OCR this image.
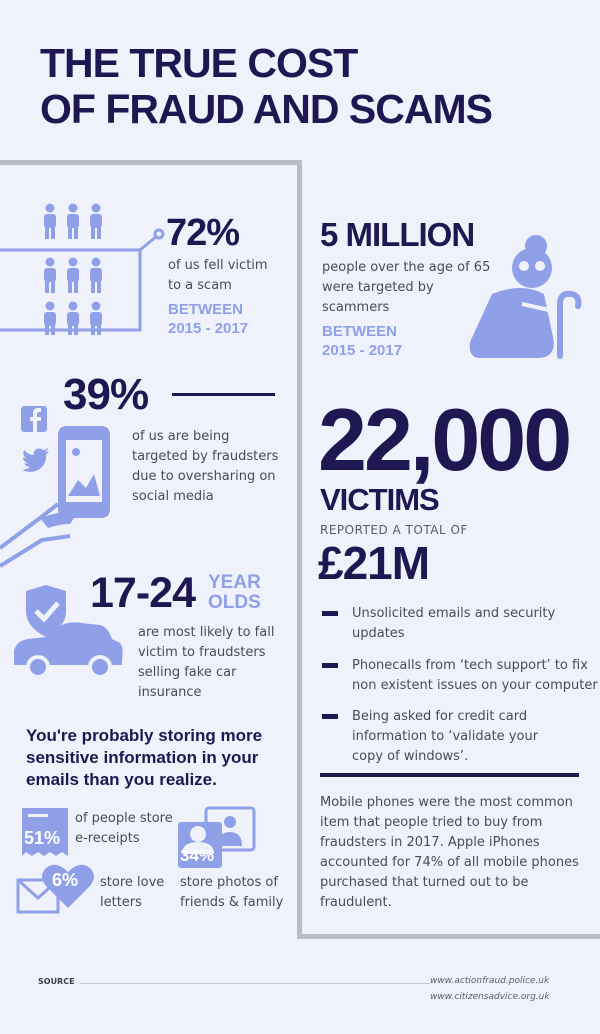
THE TRUE COST
OF FRAUD AND SCAMS
72%
of us fell victim
to a scam
BETWEEN
2015 - 2017
5 MILLION
people over the age of 65
were targeted by
scammers
BETWEEN
2015 - 2017
39%
of us are being
targeted by fraudsters
due to oversharing on
social media
22,000
VICTIMS
REPORTED A TOTAL OF
£21M
Unsolicited emails and security
updates
Phonecalls from ‘tech support’ to fix
non existent issues on your computer
Being asked for credit card
information to ‘validate your
copy of windows’.
Mobile phones were the most common
item that people tried to buy from
fraudsters in 2017. Apple iPhones
accounted for 74% of all mobile phones
purchased that turned out to be
fraudulent.
17-24 YEAR
OLDS
are most likely to fall
victim to fraudsters
selling fake car
insurance
You're probably storing more
sensitive information in your
emails than you realize.
51%
of people store
e-receipts
34%
store photos of
friends & family
6% store love
letters
SOURCE	www.actionfraud.police.uk
www.citizensadvice.org.uk
